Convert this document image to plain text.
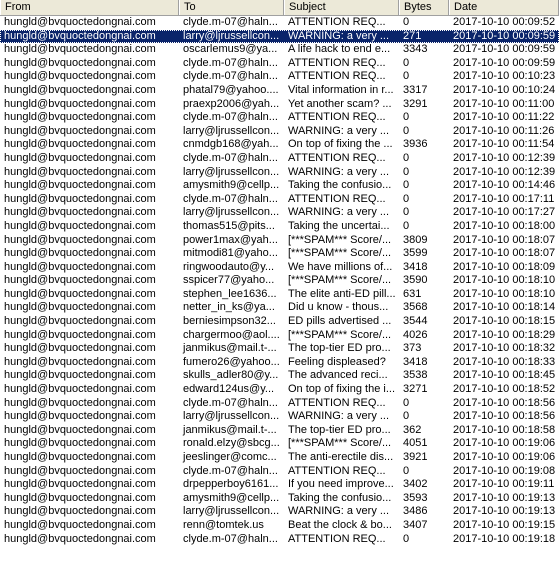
From	To	Subject	Bytes	Date
hungld@bvquoctedongnai.com	clyde.m-07@haln... ATTENTION REQ...	0	2017-10-10 00:09:52
hungld@bvquoctedongnai.com	larry@ljrussellcon... WARNING: a very ...	271	2017-10-10 00:09:59
hungld@bvquoctedongnai.com	oscarlemus9@ya... A life hack to end e...	3343	2017-10-10 00:09:59
hungld@bvquoctedongnai.com	clyde.m-07@haln... ATTENTION REQ...	0	2017-10-10 00:09:59
hungld@bvquoctedongnai.com	clyde.m-07@haln... ATTENTION REQ...	0	2017-10-10 00:10:23
hungld@bvquoctedongnai.com	phatal79@yahoo.... Vital information in r... 3317	2017-10-10 00:10:24
hungld@bvquoctedongnai.com	praexp2006@yah... Yet another scam? ...	3291	2017-10-10 00:11:00
hungld@bvquoctedongnai.com	clyde.m-07@haln... ATTENTION REQ...	0	2017-10-10 00:11:22
hungld@bvquoctedongnai.com	larry@ljrussellcon... WARNING: a very ...	0	2017-10-10 00:11:26
hungld@bvquoctedongnai.com	cnmdgb168@yah... On top of fixing the ... 3936	2017-10-10 00:11:54
hungld@bvquoctedongnai.com	clyde.m-07@haln... ATTENTION REQ...	0	2017-10-10 00:12:39
hungld@bvquoctedongnai.com	larry@ljrussellcon... WARNING: a very ...	0	2017-10-10 00:12:39
hungld@bvquoctedongnai.com	amysmith9@cellp... Taking the confusio...	0	2017-10-10 00:14:46
hungld@bvquoctedongnai.com	clyde.m-07@haln... ATTENTION REQ...	0	2017-10-10 00:17:11
hungld@bvquoctedongnai.com	larry@ljrussellcon... WARNING: a very ...	0	2017-10-10 00:17:27
hungld@bvquoctedongnai.com	thomas515@pits...	Taking the uncertai...	0	2017-10-10 00:18:00
hungld@bvquoctedongnai.com	power1max@yah... [***SPAM*** Score/...	3809	2017-10-10 00:18:07
hungld@bvquoctedongnai.com	mitmodi81@yaho... [***SPAM*** Score/...	3599	2017-10-10 00:18:07
hungld@bvquoctedongnai.com	ringwoodauto@y...	We have millions of... 3418	2017-10-10 00:18:09
hungld@bvquoctedongnai.com	sspicer77@yaho...	[***SPAM*** Score/...	3590	2017-10-10 00:18:10
hungld@bvquoctedongnai.com	stephen_lee1636...	The elite anti-ED pill... 631	2017-10-10 00:18:10
hungld@bvquoctedongnai.com	netter_in_ks@ya...	Did u know - thous...	3568	2017-10-10 00:18:14
hungld@bvquoctedongnai.com	berniesimpson32...	ED pills advertised ...	3544	2017-10-10 00:18:15
hungld@bvquoctedongnai.com	chargermoo@aol.... [***SPAM*** Score/...	4026	2017-10-10 00:18:29
hungld@bvquoctedongnai.com	janmikus@mail.t-...	The top-tier ED pro...	373	2017-10-10 00:18:32
hungld@bvquoctedongnai.com	fumero26@yahoo... Feeling displeased?	3418	2017-10-10 00:18:33
hungld@bvquoctedongnai.com	skulls_adler80@y... The advanced reci...	3538	2017-10-10 00:18:45
hungld@bvquoctedongnai.com	edward124us@y...	On top of fixing the i... 3271	2017-10-10 00:18:52
hungld@bvquoctedongnai.com	clyde.m-07@haln... ATTENTION REQ...	0	2017-10-10 00:18:56
hungld@bvquoctedongnai.com	larry@ljrussellcon... WARNING: a very ...	0	2017-10-10 00:18:56
hungld@bvquoctedongnai.com	janmikus@mail.t-...	The top-tier ED pro...	362	2017-10-10 00:18:58
hungld@bvquoctedongnai.com	ronald.elzy@sbcg... [***SPAM*** Score/...	4051	2017-10-10 00:19:06
hungld@bvquoctedongnai.com	jeeslinger@comc...	The anti-erectile dis... 3921	2017-10-10 00:19:06
hungld@bvquoctedongnai.com	clyde.m-07@haln... ATTENTION REQ...	0	2017-10-10 00:19:08
hungld@bvquoctedongnai.com	drpepperboy6161... If you need improve... 3402	2017-10-10 00:19:11
hungld@bvquoctedongnai.com	amysmith9@cellp... Taking the confusio...	3593	2017-10-10 00:19:13
hungld@bvquoctedongnai.com	larry@ljrussellcon... WARNING: a very ...	3486	2017-10-10 00:19:13
hungld@bvquoctedongnai.com	renn@tomtek.us	Beat the clock & bo...	3407	2017-10-10 00:19:15
hungld@bvquoctedongnai.com	clyde.m-07@haln... ATTENTION REQ...	0	2017-10-10 00:19:18
